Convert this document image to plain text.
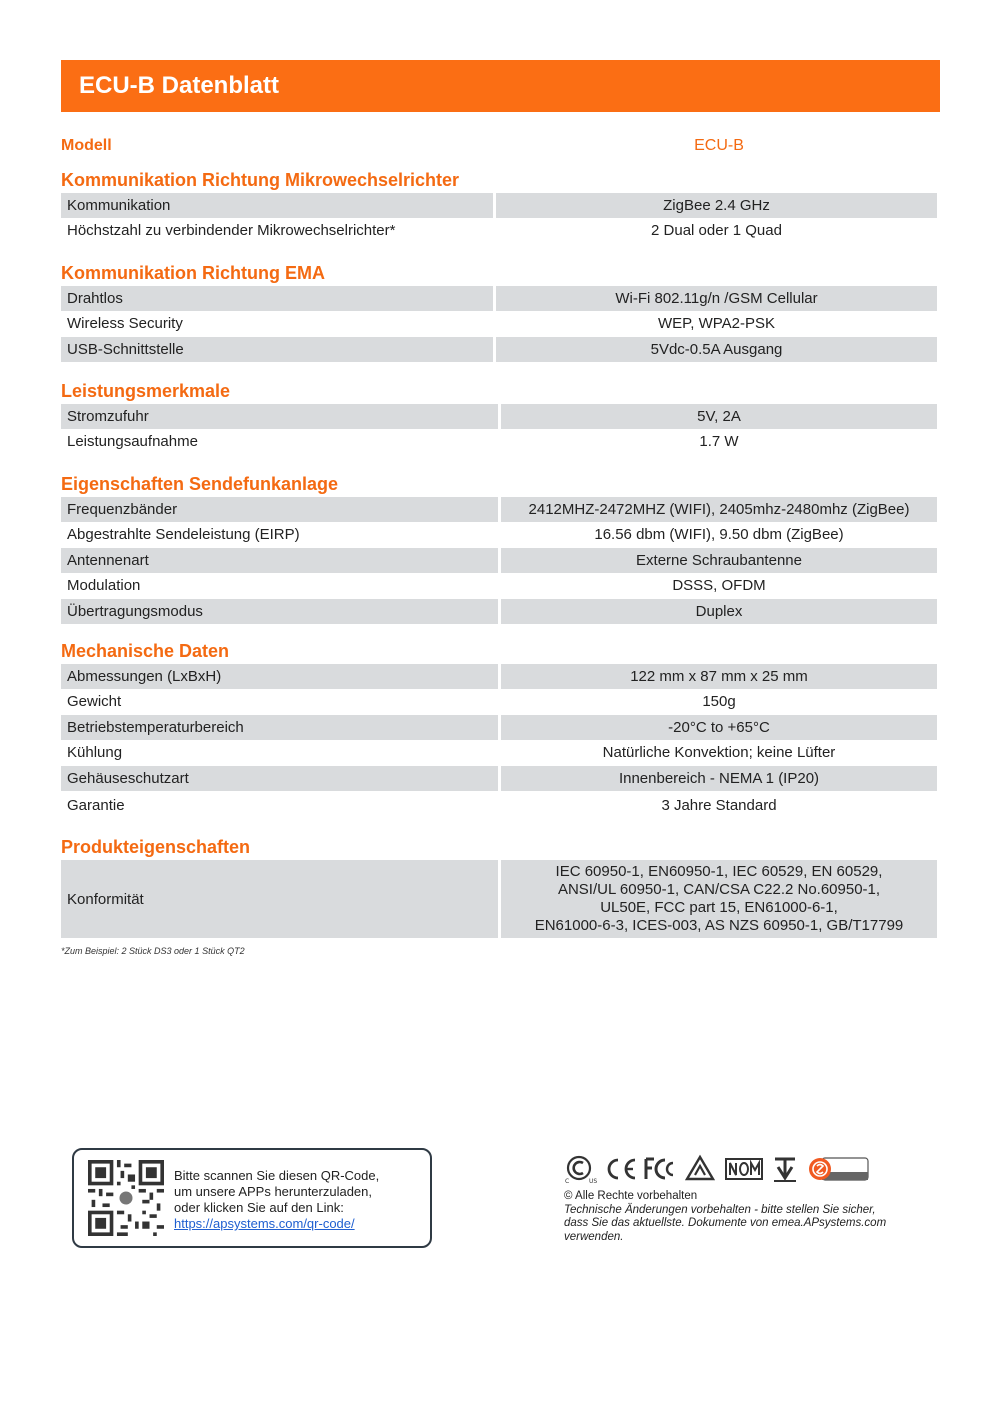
ECU-B Datenblatt
Modell	ECU-B
Kommunikation Richtung Mikrowechselrichter
Kommunikation	ZigBee 2.4 GHz
Höchstzahl zu verbindender Mikrowechselrichter*	2 Dual oder 1 Quad
Kommunikation Richtung EMA
Drahtlos	Wi-Fi 802.11g/n /GSM Cellular
Wireless Security	WEP, WPA2-PSK
USB-Schnittstelle	5Vdc-0.5A Ausgang
Leistungsmerkmale
Stromzufuhr	5V, 2A
Leistungsaufnahme	1.7 W
Eigenschaften Sendefunkanlage
Frequenzbänder	2412MHZ-2472MHZ (WIFI), 2405mhz-2480mhz (ZigBee)
Abgestrahlte Sendeleistung (EIRP)	16.56 dbm (WIFI), 9.50 dbm (ZigBee)
Antennenart	Externe Schraubantenne
Modulation	DSSS, OFDM
Übertragungsmodus	Duplex
Mechanische Daten
Abmessungen (LxBxH)	122 mm x 87 mm x 25 mm
Gewicht	150g
Betriebstemperaturbereich	-20°C to +65°C
Kühlung	Natürliche Konvektion; keine Lüfter
Gehäuseschutzart	Innenbereich - NEMA 1 (IP20)
Garantie	3 Jahre Standard
Produkteigenschaften
Konformität	
IEC 60950-1, EN60950-1, IEC 60529, EN 60529,
ANSI/UL 60950-1, CAN/CSA C22.2 No.60950-1,
UL50E, FCC part 15, EN61000-6-1,
EN61000-6-3, ICES-003, AS NZS 60950-1, GB/T17799
*Zum Beispiel: 2 Stück DS3 oder 1 Stück QT2
Bitte scannen Sie diesen QR-Code,
um unsere APPs herunterzuladen,
oder klicken Sie auf den Link:
https://apsystems.com/qr-code/
C	US
© Alle Rechte vorbehalten
Technische Änderungen vorbehalten - bitte stellen Sie sicher,
dass Sie das aktuellste. Dokumente von emea.APsystems.com
verwenden.
